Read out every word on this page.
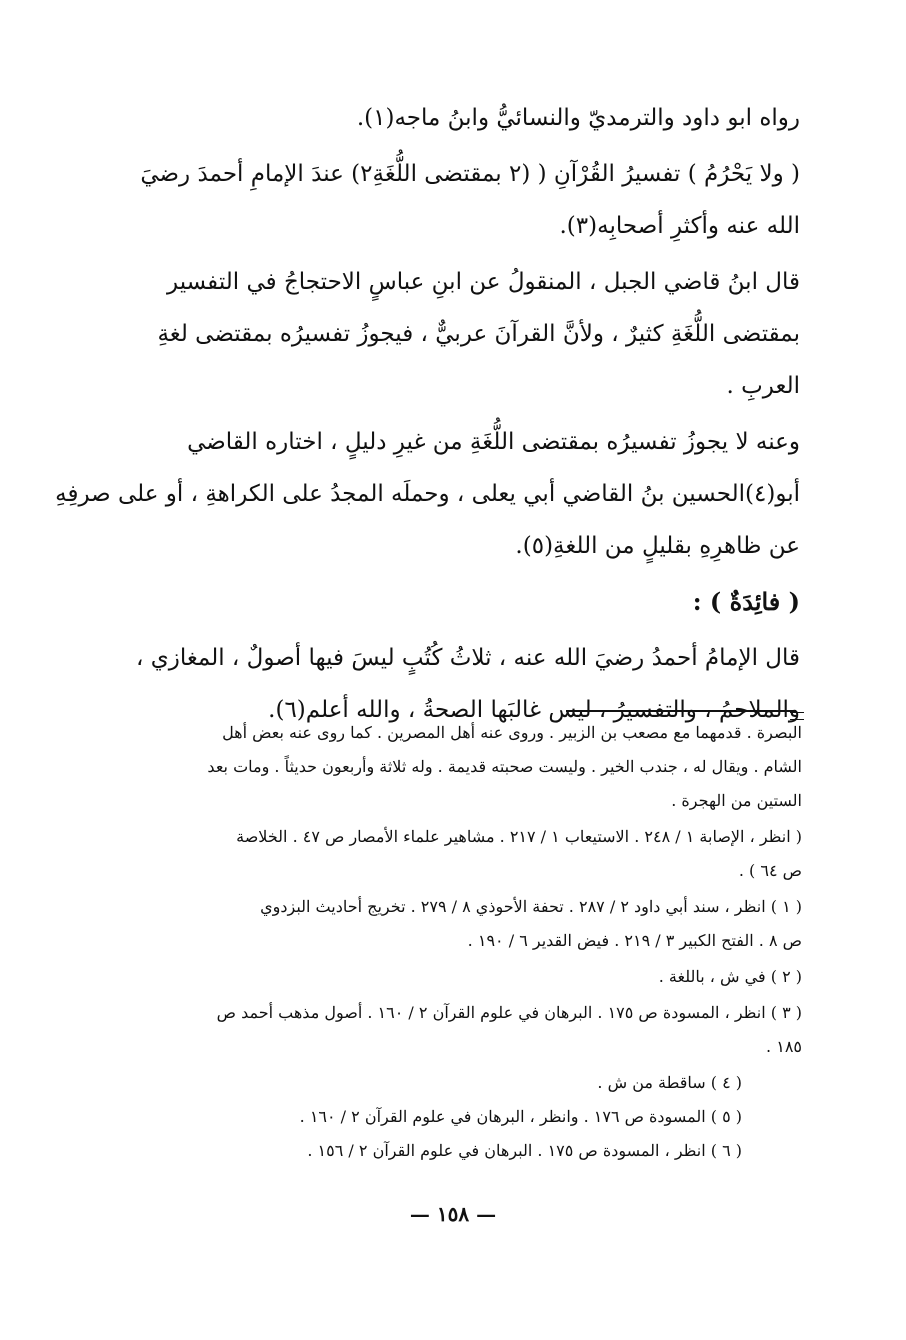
رواه ابو داود والترمديّ والنسائيُّ وابنُ ماجه(١).

( ولا يَحْرُمُ ) تفسيرُ القُرْآنِ ( (٢ بمقتضى اللُّغَةِ٢) عندَ الإمامِ أحمدَ رضيَ
الله عنه وأكثرِ أصحابِه(٣).

قال ابنُ قاضي الجبل ، المنقولُ عن ابنِ عباسٍ الاحتجاجُ في التفسير
بمقتضى اللُّغَةِ كثيرٌ ، ولأنَّ القرآنَ عربيٌّ ، فيجوزُ تفسيرُه بمقتضى لغةِ
العربِ .

وعنه لا يجوزُ تفسيرُه بمقتضى اللُّغَةِ من غيرِ دليلٍ ، اختاره القاضي
أبو(٤)الحسين بنُ القاضي أبي يعلى ، وحملَه المجدُ على الكراهةِ ، أو على صرفِهِ
عن ظاهرِهِ بقليلٍ من اللغةِ(٥).

( فائِدَةٌ ) :

قال الإمامُ أحمدُ رضيَ الله عنه ، ثلاثُ كُتُبٍ ليسَ فيها أصولٌ ، المغازي ،
والملاحمُ ، والتفسيرُ ، ليس غالبَها الصحةُ ، والله أعلم(٦).

البصرة . قدمهما مع مصعب بن الزبير . وروى عنه أهل المصرين . كما روى عنه بعض أهل
الشام . ويقال له ، جندب الخير . وليست صحبته قديمة . وله ثلاثة وأربعون حديثاً . ومات بعد
الستين من الهجرة .

( انظر ، الإصابة ١ / ٢٤٨ . الاستيعاب ١ / ٢١٧ . مشاهير علماء الأمصار ص ٤٧ . الخلاصة
ص ٦٤ ) .

( ١ ) انظر ، سند أبي داود ٢ / ٢٨٧ . تحفة الأحوذي ٨ / ٢٧٩ . تخريج أحاديث البزدوي
ص ٨ . الفتح الكبير ٣ / ٢١٩ . فيض القدير ٦ / ١٩٠ .

( ٢ ) في ش ، باللغة .

( ٣ ) انظر ، المسودة ص ١٧٥ . البرهان في علوم القرآن ٢ / ١٦٠ . أصول مذهب أحمد ص
١٨٥ .

( ٤ ) ساقطة من ش .

( ٥ ) المسودة ص ١٧٦ . وانظر ، البرهان في علوم القرآن ٢ / ١٦٠ .

( ٦ ) انظر ، المسودة ص ١٧٥ . البرهان في علوم القرآن ٢ / ١٥٦ .

— ١٥٨ —
